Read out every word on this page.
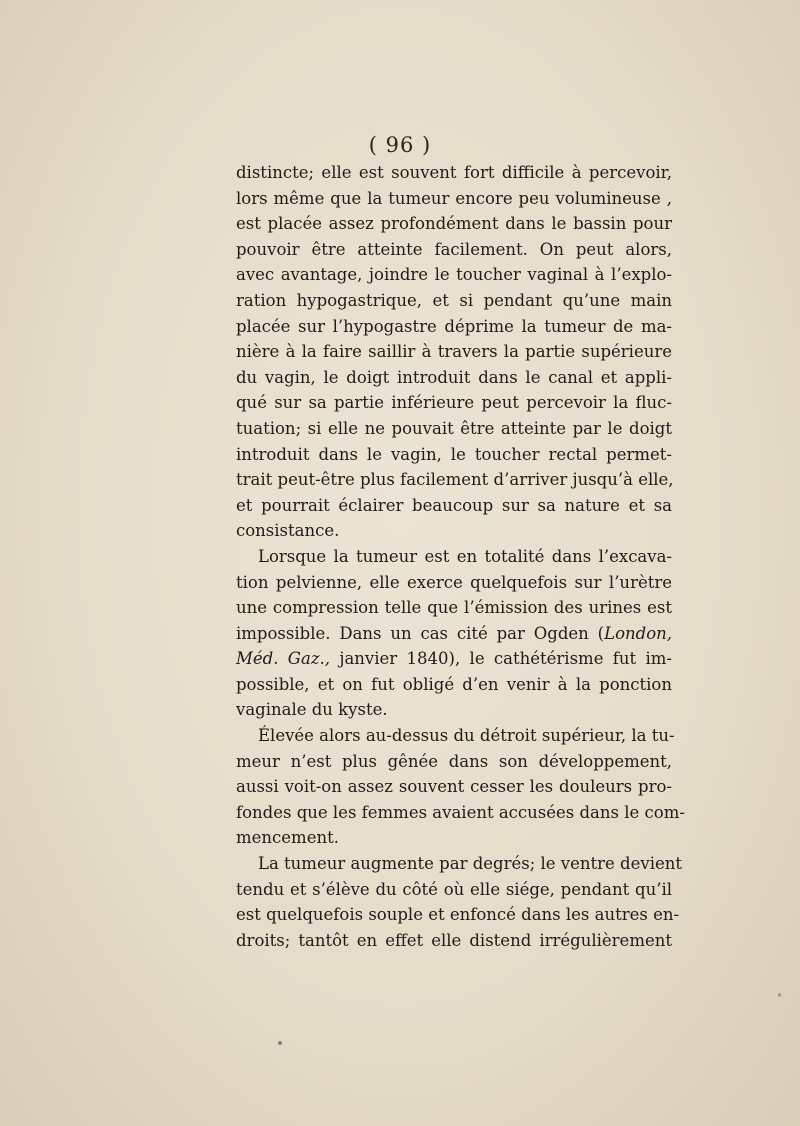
( 96 )
distincte; elle est souvent fort difficile à percevoir,
lors même que la tumeur encore peu volumineuse ,
est placée assez profondément dans le bassin pour
pouvoir être atteinte facilement. On peut alors,
avec avantage, joindre le toucher vaginal à l’explo-
ration hypogastrique, et si pendant qu’une main
placée sur l’hypogastre déprime la tumeur de ma-
nière à la faire saillir à travers la partie supérieure
du vagin, le doigt introduit dans le canal et appli-
qué sur sa partie inférieure peut percevoir la fluc-
tuation; si elle ne pouvait être atteinte par le doigt
introduit dans le vagin, le toucher rectal permet-
trait peut-être plus facilement d’arriver jusqu’à elle,
et pourrait éclairer beaucoup sur sa nature et sa
consistance.
Lorsque la tumeur est en totalité dans l’excava-
tion pelvienne, elle exerce quelquefois sur l’urètre
une compression telle que l’émission des urines est
impossible. Dans un cas cité par Ogden (London,
Méd. Gaz., janvier 1840), le cathétérisme fut im-
possible, et on fut obligé d’en venir à la ponction
vaginale du kyste.
Élevée alors au-dessus du détroit supérieur, la tu-
meur n’est plus gênée dans son développement,
aussi voit-on assez souvent cesser les douleurs pro-
fondes que les femmes avaient accusées dans le com-
mencement.
La tumeur augmente par degrés; le ventre devient
tendu et s’élève du côté où elle siége, pendant qu’il
est quelquefois souple et enfoncé dans les autres en-
droits; tantôt en effet elle distend irrégulièrement
